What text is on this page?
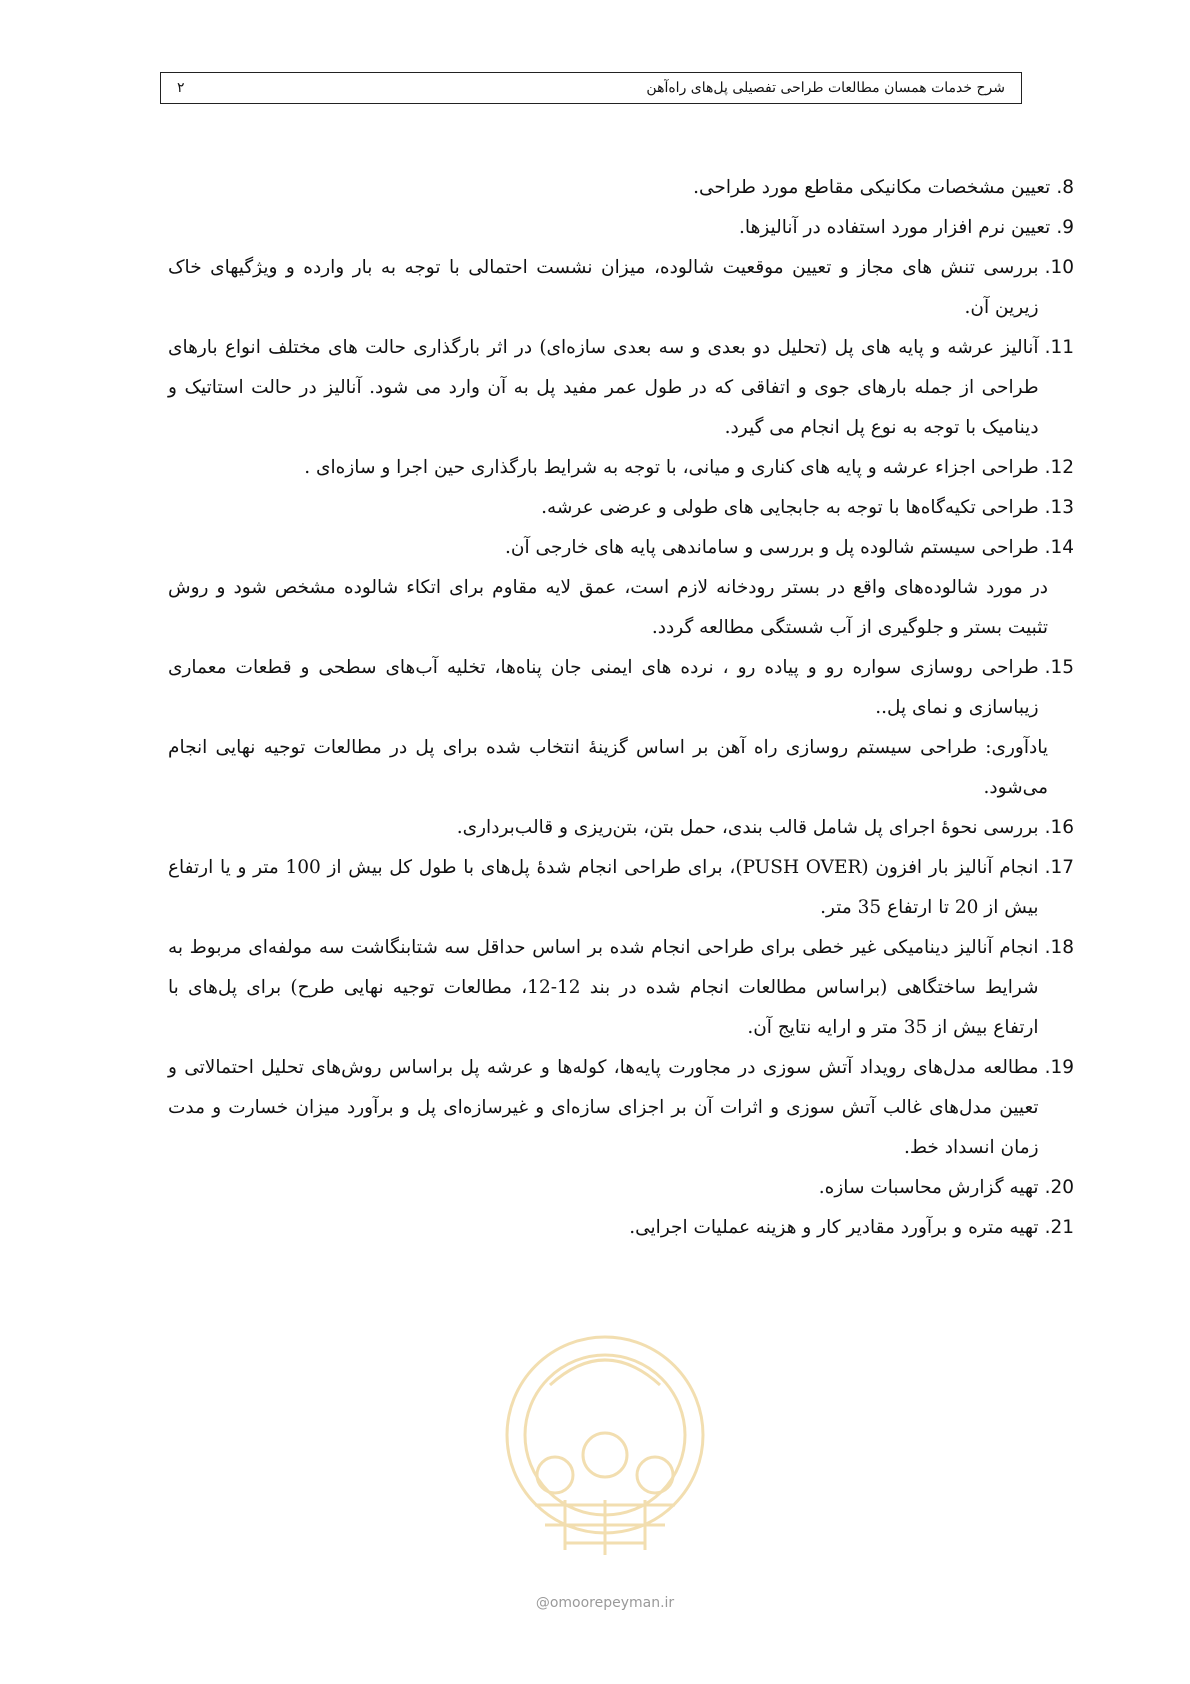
شرح خدمات همسان مطالعات طراحی تفصیلی پل‌های راه‌آهن
۲
8.
تعیین مشخصات مکانیکی مقاطع مورد طراحی.
9.
تعیین نرم افزار مورد استفاده در آنالیزها.
10.
بررسی تنش های مجاز و تعیین موقعیت شالوده، میزان نشست احتمالی با توجه به بار وارده و ویژگیهای خاک زیرین آن.
11.
آنالیز عرشه و پایه های پل (تحلیل دو بعدی و سه بعدی سازه‌ای) در اثر بارگذاری حالت های مختلف انواع بارهای طراحی از جمله بارهای جوی و اتفاقی که در طول عمر مفید پل به آن وارد می شود. آنالیز در حالت استاتیک و دینامیک با توجه به نوع پل انجام می گیرد.
12.
طراحی اجزاء عرشه و پایه های کناری و میانی، با توجه به شرایط بارگذاری حین اجرا و سازه‌ای .
13.
طراحی تکیه‌گاه‌ها با توجه به جابجایی های طولی و عرضی عرشه.
14.
طراحی سیستم شالوده پل و بررسی و ساماندهی پایه های خارجی آن.
در مورد شالوده‌های واقع در بستر رودخانه لازم است، عمق لایه مقاوم برای اتکاء شالوده مشخص شود و روش تثبیت بستر و جلوگیری از آب شستگی مطالعه گردد.
15.
طراحی روسازی سواره رو و پیاده رو ، نرده های ایمنی جان پناه‌ها، تخلیه آب‌های سطحی و قطعات معماری زیباسازی و نمای پل..
یادآوری: طراحی سیستم روسازی راه آهن بر اساس گزینهٔ انتخاب شده برای پل در مطالعات توجیه نهایی انجام می‌شود.
16.
بررسی نحوهٔ اجرای پل شامل قالب بندی، حمل بتن، بتن‌ریزی و قالب‌برداری.
17.
انجام آنالیز بار افزون (PUSH OVER)، برای طراحی انجام شدهٔ پل‌های با طول کل بیش از 100 متر و یا ارتفاع بیش از 20 تا ارتفاع 35 متر.
18.
انجام آنالیز دینامیکی غیر خطی برای طراحی انجام شده بر اساس حداقل سه شتابنگاشت سه مولفه‌ای مربوط به شرایط ساختگاهی (براساس مطالعات انجام شده در بند 12-12، مطالعات توجیه نهایی طرح) برای پل‌های با ارتفاع بیش از 35 متر و ارایه نتایج آن.
19.
مطالعه مدل‌های رویداد آتش سوزی در مجاورت پایه‌ها، کوله‌ها و عرشه پل براساس روش‌های تحلیل احتمالاتی و تعیین مدل‌های غالب آتش سوزی و اثرات آن بر اجزای سازه‌ای و غیرسازه‌ای پل و برآورد میزان خسارت و مدت زمان انسداد خط.
20.
تهیه گزارش محاسبات سازه.
21.
تهیه متره و برآورد مقادیر کار و هزینه عملیات اجرایی.
@omoorepeyman.ir
